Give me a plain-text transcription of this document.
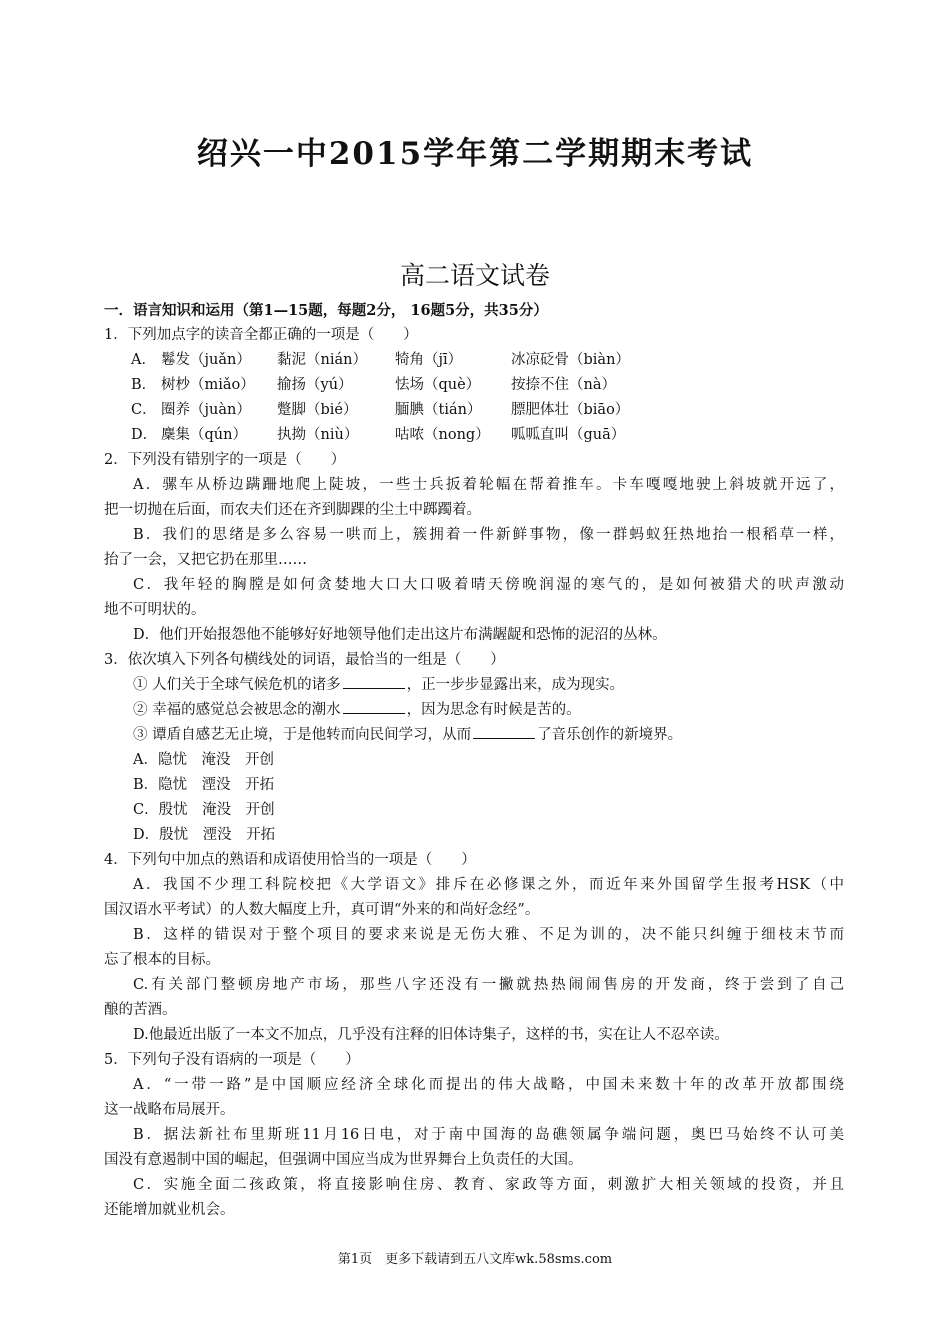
绍兴一中2015学年第二学期期末考试
高二语文试卷
一．语言知识和运用（第1—15题，每题2分， 16题5分，共35分）
1．下列加点字的读音全都正确的一项是（　　）
A． 鬈发（juǎn）	黏泥（nián）	犄角（jī）	冰凉砭骨（biàn）
B． 树杪（miǎo）	揄扬（yú）	怯场（què）	按捺不住（nà）
C． 圈养（juàn）	蹩脚（bié）	腼腆（tián）	膘肥体壮（biāo）
D． 麇集（qún）	执拗（niù）	咕哝（nong）	呱呱直叫（guā）
2．下列没有错别字的一项是（　　）
A．骡车从桥边蹒跚地爬上陡坡，一些士兵扳着轮幅在帮着推车。卡车嘎嘎地驶上斜坡就开远了，
把一切抛在后面，而农夫们还在齐到脚踝的尘土中踯躅着。
B．我们的思绪是多么容易一哄而上，簇拥着一件新鲜事物，像一群蚂蚁狂热地抬一根稻草一样，
抬了一会，又把它扔在那里……
C．我年轻的胸膛是如何贪婪地大口大口吸着晴天傍晚润湿的寒气的，是如何被猎犬的吠声激动
地不可明状的。
D．他们开始报怨他不能够好好地领导他们走出这片布满龌龊和恐怖的泥沼的丛林。
3．依次填入下列各句横线处的词语，最恰当的一组是（　　）
① 人们关于全球气候危机的诸多	，正一步步显露出来，成为现实。
② 幸福的感觉总会被思念的潮水	，因为思念有时候是苦的。
③ 谭盾自感艺无止境，于是他转而向民间学习，从而	了音乐创作的新境界。
A．隐忧　淹没　开创
B．隐忧　湮没　开拓
C．殷忧　淹没　开创
D．殷忧　湮没　开拓
4．下列句中加点的熟语和成语使用恰当的一项是（　　）
A．我国不少理工科院校把《大学语文》排斥在必修课之外，而近年来外国留学生报考HSK（中
国汉语水平考试）的人数大幅度上升，真可谓“外来的和尚好念经”。
B．这样的错误对于整个项目的要求来说是无伤大雅、不足为训的，决不能只纠缠于细枝末节而
忘了根本的目标。
C.有关部门整顿房地产市场，那些八字还没有一撇就热热闹闹售房的开发商，终于尝到了自己
酿的苦酒。
D.他最近出版了一本文不加点，几乎没有注释的旧体诗集子，这样的书，实在让人不忍卒读。
5．下列句子没有语病的一项是（　　）
A．“一带一路”是中国顺应经济全球化而提出的伟大战略，中国未来数十年的改革开放都围绕
这一战略布局展开。
B．据法新社布里斯班11月16日电，对于南中国海的岛礁领属争端问题，奥巴马始终不认可美
国没有意遏制中国的崛起，但强调中国应当成为世界舞台上负责任的大国。
C．实施全面二孩政策，将直接影响住房、教育、家政等方面，刺激扩大相关领域的投资，并且
还能增加就业机会。
第1页　更多下载请到五八文库wk.58sms.com
